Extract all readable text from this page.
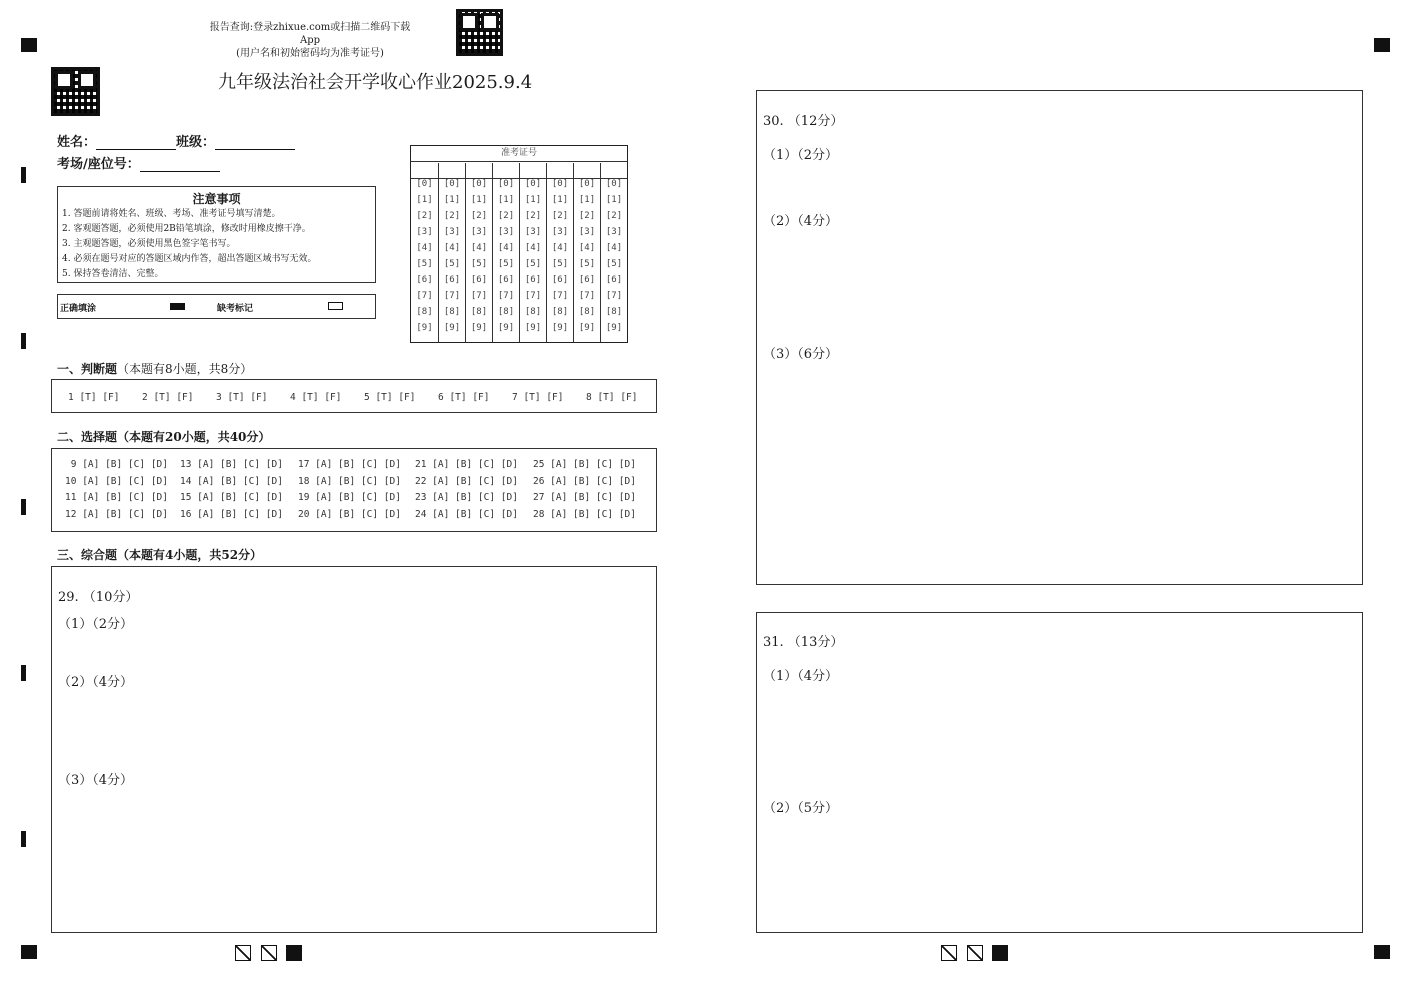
报告查询:登录zhixue.com或扫描二维码下载App
(用户名和初始密码均为准考证号)
九年级法治社会开学收心作业2025.9.4
姓名：	班级：
考场/座位号：
注意事项
1. 答题前请将姓名、班级、考场、准考证号填写清楚。
2. 客观题答题，必须使用2B铅笔填涂，修改时用橡皮擦干净。
3. 主观题答题，必须使用黑色签字笔书写。
4. 必须在题号对应的答题区域内作答，超出答题区域书写无效。
5. 保持答卷清洁、完整。
正确填涂	缺考标记
准考证号
[0]
[1]
[2]
[3]
[4]
[5]
[6]
[7]
[8]
[9]
[0]
[1]
[2]
[3]
[4]
[5]
[6]
[7]
[8]
[9]
[0]
[1]
[2]
[3]
[4]
[5]
[6]
[7]
[8]
[9]
[0]
[1]
[2]
[3]
[4]
[5]
[6]
[7]
[8]
[9]
[0]
[1]
[2]
[3]
[4]
[5]
[6]
[7]
[8]
[9]
[0]
[1]
[2]
[3]
[4]
[5]
[6]
[7]
[8]
[9]
[0]
[1]
[2]
[3]
[4]
[5]
[6]
[7]
[8]
[9]
[0]
[1]
[2]
[3]
[4]
[5]
[6]
[7]
[8]
[9]
一、判断题（本题有8小题，共8分）
1 [T] [F] 2 [T] [F] 3 [T] [F] 4 [T] [F] 5 [T] [F] 6 [T] [F] 7 [T] [F] 8 [T] [F]
二、选择题（本题有20小题，共40分）
9 [A] [B] [C] [D]
10 [A] [B] [C] [D]
11 [A] [B] [C] [D]
12 [A] [B] [C] [D]
13 [A] [B] [C] [D]
14 [A] [B] [C] [D]
15 [A] [B] [C] [D]
16 [A] [B] [C] [D]
17 [A] [B] [C] [D]
18 [A] [B] [C] [D]
19 [A] [B] [C] [D]
20 [A] [B] [C] [D]
21 [A] [B] [C] [D]
22 [A] [B] [C] [D]
23 [A] [B] [C] [D]
24 [A] [B] [C] [D]
25 [A] [B] [C] [D]
26 [A] [B] [C] [D]
27 [A] [B] [C] [D]
28 [A] [B] [C] [D]
三、综合题（本题有4小题，共52分）
29. （10分）
（1）（2分）
（2）（4分）
（3）（4分）
30. （12分）
（1）（2分）
（2）（4分）
（3）（6分）
31. （13分）
（1）（4分）
（2）（5分）
